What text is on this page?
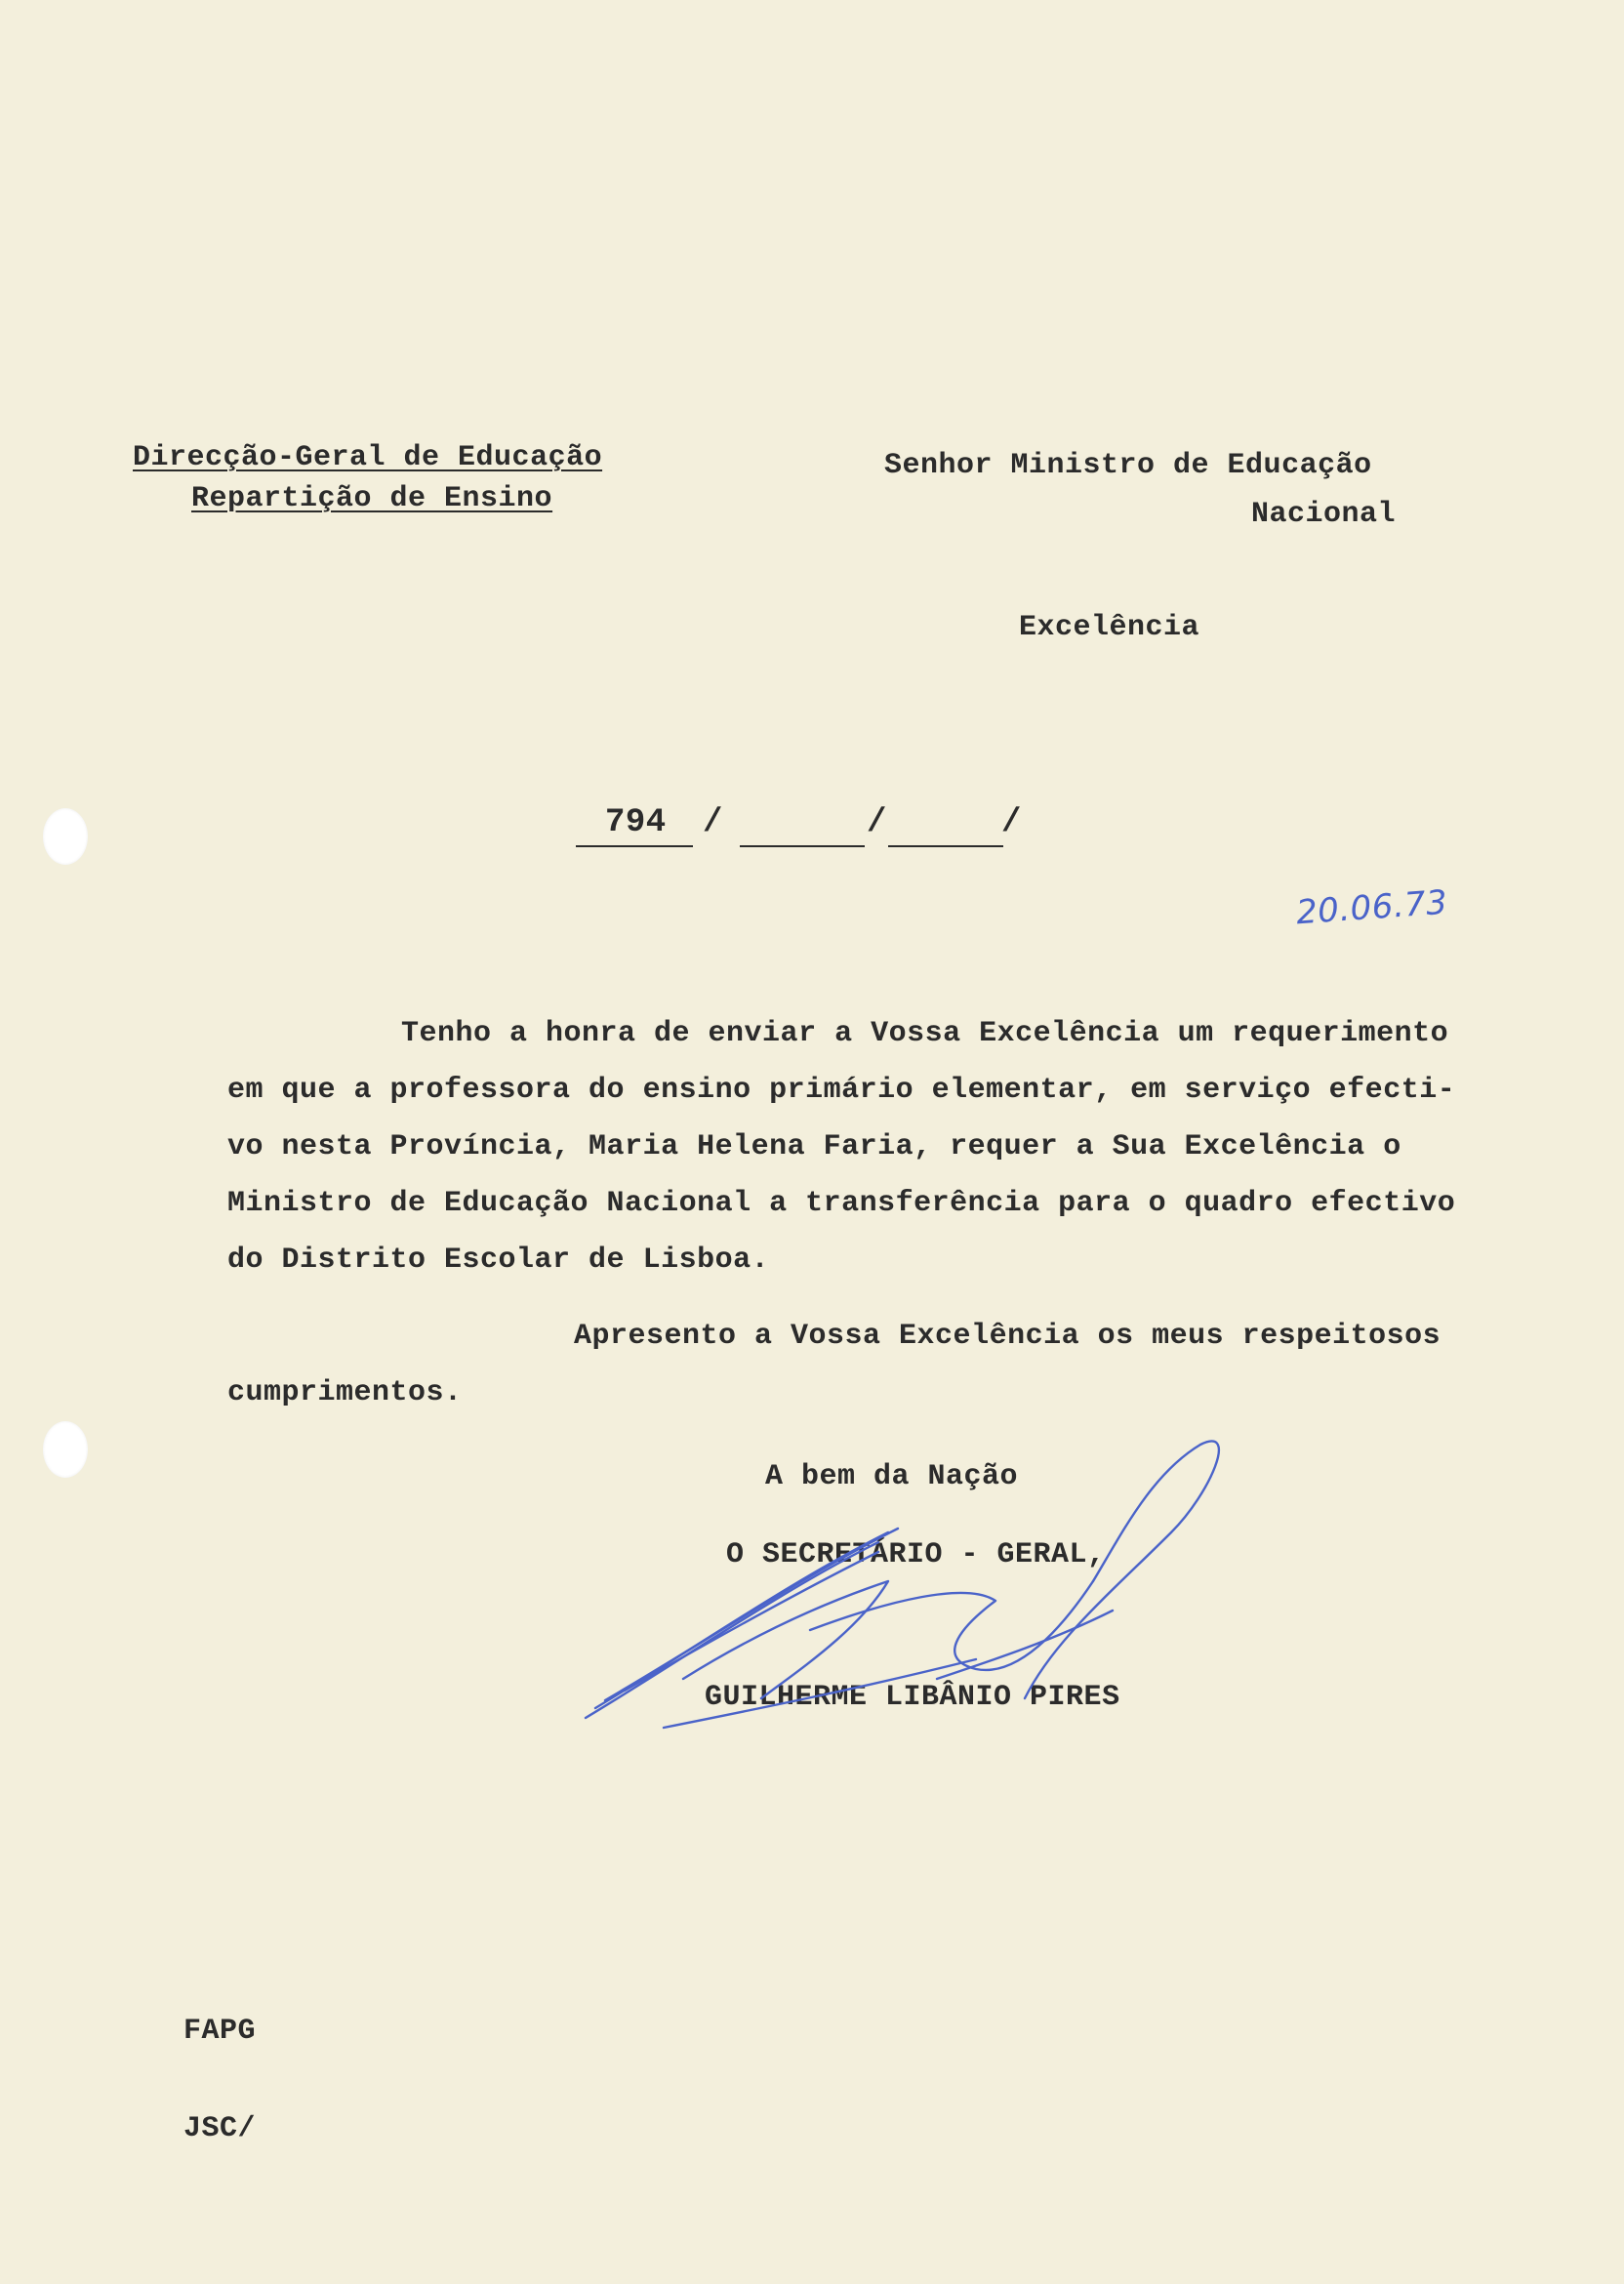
Direcção-Geral de Educação
Repartição de Ensino
Senhor Ministro de Educação
Nacional
Excelência
794 /	/	/
20.06.73
Tenho a honra de enviar a Vossa Excelência um requerimento
em que a professora do ensino primário elementar, em serviço efecti-
vo nesta Província, Maria Helena Faria, requer a Sua Excelência o
Ministro de Educação Nacional a transferência para o quadro efectivo
do Distrito Escolar de Lisboa.
Apresento a Vossa Excelência os meus respeitosos
cumprimentos.
A bem da Nação
O SECRETÁRIO - GERAL,
GUILHERME LIBÂNIO PIRES
FAPG
JSC/
